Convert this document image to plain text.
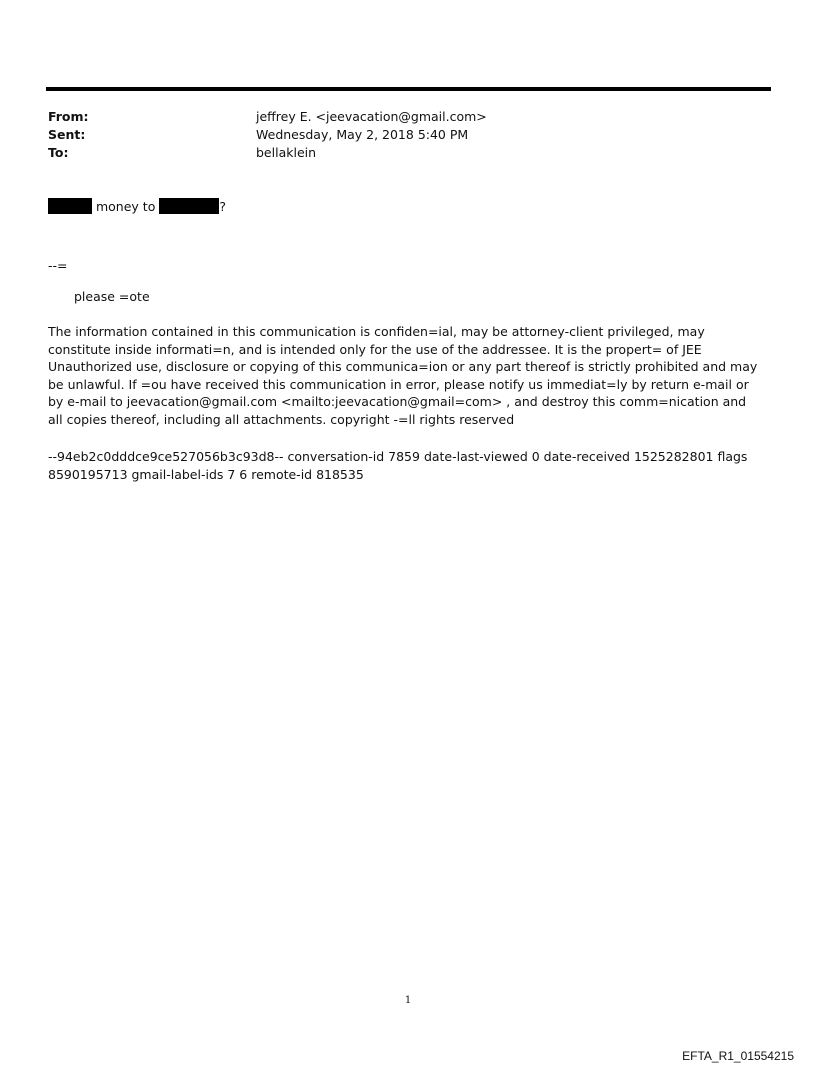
From:	jeffrey E. <jeevacation@gmail.com>
Sent:	Wednesday, May 2, 2018 5:40 PM
To:	bellaklein
money to	?
--=
please =ote
The information contained in this communication is confiden=ial, may be attorney-client privileged, may constitute inside informati=n, and is intended only for the use of the addressee. It is the propert= of JEE Unauthorized use, disclosure or copying of this communica=ion or any part thereof is strictly prohibited and may be unlawful. If =ou have received this communication in error, please notify us immediat=ly by return e-mail or by e-mail to jeevacation@gmail.com <mailto:jeevacation@gmail=com> , and destroy this comm=nication and all copies thereof, including all attachments. copyright -=ll rights reserved
--94eb2c0dddce9ce527056b3c93d8-- conversation-id 7859 date-last-viewed 0 date-received 1525282801 flags 8590195713 gmail-label-ids 7 6 remote-id 818535
1
EFTA_R1_01554215
